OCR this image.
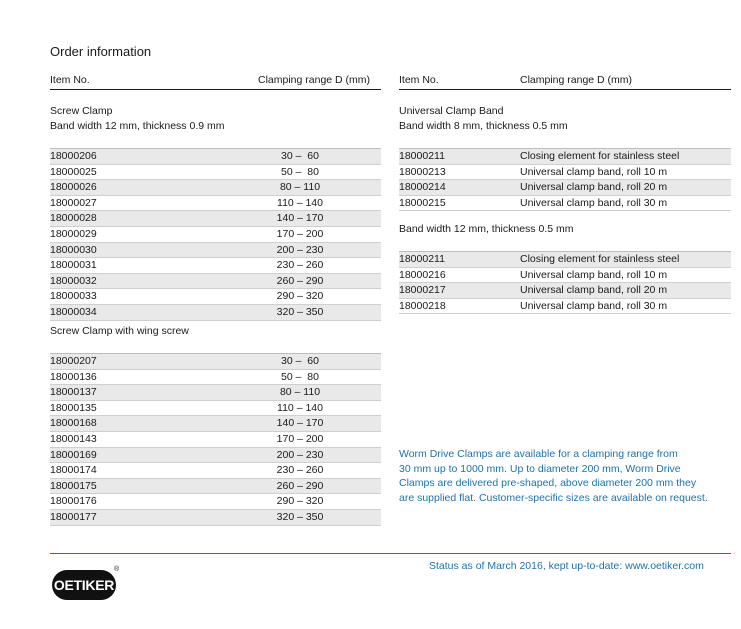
Order information
Item No.	Clamping range D (mm)	Item No.	Clamping range D (mm)
Screw Clamp
Band width 12 mm, thickness 0.9 mm
18000206	30 –  60
18000025	50 –  80
18000026	80 – 110
18000027	110 – 140
18000028	140 – 170
18000029	170 – 200
18000030	200 – 230
18000031	230 – 260
18000032	260 – 290
18000033	290 – 320
18000034	320 – 350
Screw Clamp with wing screw
18000207	30 –  60
18000136	50 –  80
18000137	80 – 110
18000135	110 – 140
18000168	140 – 170
18000143	170 – 200
18000169	200 – 230
18000174	230 – 260
18000175	260 – 290
18000176	290 – 320
18000177	320 – 350
Universal Clamp Band
Band width 8 mm, thickness 0.5 mm
18000211	Closing element for stainless steel
18000213	Universal clamp band, roll 10 m
18000214	Universal clamp band, roll 20 m
18000215	Universal clamp band, roll 30 m
Band width 12 mm, thickness 0.5 mm
18000211	Closing element for stainless steel
18000216	Universal clamp band, roll 10 m
18000217	Universal clamp band, roll 20 m
18000218	Universal clamp band, roll 30 m
Worm Drive Clamps are available for a clamping range from
30 mm up to 1000 mm. Up to diameter 200 mm, Worm Drive
Clamps are delivered pre-shaped, above diameter 200 mm they
are supplied flat. Customer-specific sizes are available on request.
Status as of March 2016, kept up-to-date: www.oetiker.com
OETIKER
®
